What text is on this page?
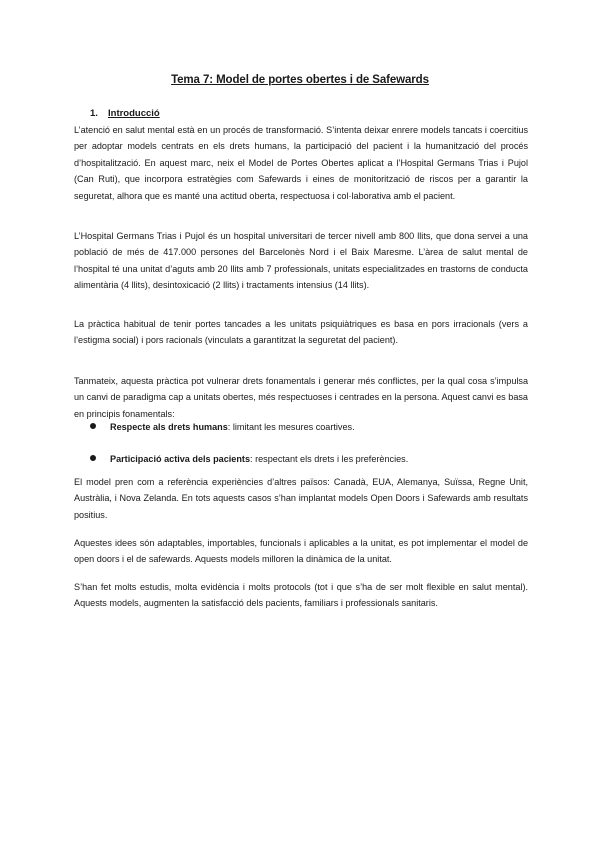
Tema 7: Model de portes obertes i de Safewards
1. Introducció

L’atenció en salut mental està en un procés de transformació. S’intenta deixar enrere models tancats i coercitius per adoptar models centrats en els drets humans, la participació del pacient i la humanització del procés d’hospitalització. En aquest marc, neix el Model de Portes Obertes aplicat a l’Hospital Germans Trias i Pujol (Can Ruti), que incorpora estratègies com Safewards i eines de monitorització de riscos per a garantir la seguretat, alhora que es manté una actitud oberta, respectuosa i col·laborativa amb el pacient.

L’Hospital Germans Trias i Pujol és un hospital universitari de tercer nivell amb 800 llits, que dona servei a una població de més de 417.000 persones del Barcelonès Nord i el Baix Maresme. L’àrea de salut mental de l’hospital té una unitat d’aguts amb 20 llits amb 7 professionals, unitats especialitzades en trastorns de conducta alimentària (4 llits), desintoxicació (2 llits) i tractaments intensius (14 llits).

La pràctica habitual de tenir portes tancades a les unitats psiquiàtriques es basa en pors irracionals (vers a l’estigma social) i pors racionals (vinculats a garantitzat la seguretat del pacient).

Tanmateix, aquesta pràctica pot vulnerar drets fonamentals i generar més conflictes, per la qual cosa s’impulsa un canvi de paradigma cap a unitats obertes, més respectuoses i centrades en la persona. Aquest canvi es basa en principis fonamentals:

Respecte als drets humans: limitant les mesures coartives.
Participació activa dels pacients: respectant els drets i les preferències.

El model pren com a referència experiències d’altres països: Canadà, EUA, Alemanya, Suïssa, Regne Unit, Austràlia, i Nova Zelanda. En tots aquests casos s’han implantat models Open Doors i Safewards amb resultats positius.

Aquestes idees són adaptables, importables, funcionals i aplicables a la unitat, es pot implementar el model de open doors i el de safewards. Aquests models milloren la dinàmica de la unitat.

S’han fet molts estudis, molta evidència i molts protocols (tot i que s’ha de ser molt flexible en salut mental). Aquests models, augmenten la satisfacció dels pacients, familiars i professionals sanitaris.
